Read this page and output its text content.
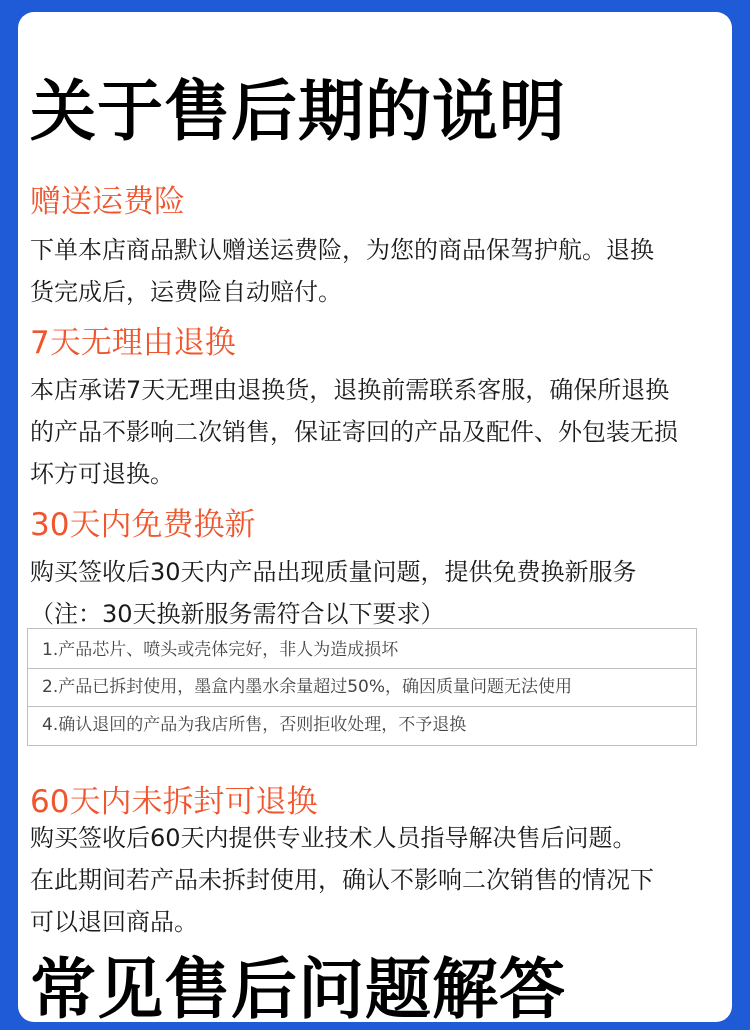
关于售后期的说明
赠送运费险
下单本店商品默认赠送运费险，为您的商品保驾护航。退换
货完成后，运费险自动赔付。
7天无理由退换
本店承诺7天无理由退换货，退换前需联系客服，确保所退换
的产品不影响二次销售，保证寄回的产品及配件、外包装无损
坏方可退换。
30天内免费换新
购买签收后30天内产品出现质量问题，提供免费换新服务
（注：30天换新服务需符合以下要求）
1.产品芯片、喷头或壳体完好，非人为造成损坏
2.产品已拆封使用，墨盒内墨水余量超过50%，确因质量问题无法使用
4.确认退回的产品为我店所售，否则拒收处理，不予退换
60天内未拆封可退换
购买签收后60天内提供专业技术人员指导解决售后问题。
在此期间若产品未拆封使用，确认不影响二次销售的情况下
可以退回商品。
常见售后问题解答
